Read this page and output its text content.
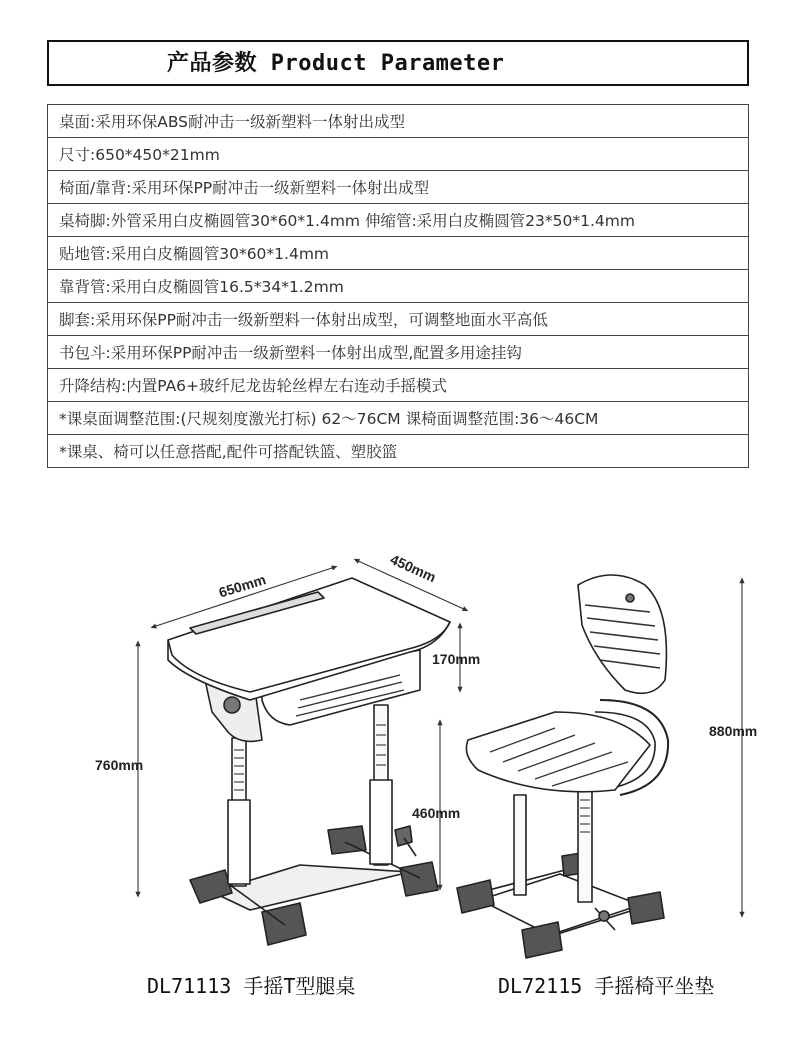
产品参数 Product Parameter
桌面:采用环保ABS耐冲击一级新塑料一体射出成型
尺寸:650*450*21mm
椅面/靠背:采用环保PP耐冲击一级新塑料一体射出成型
桌椅脚:外管采用白皮椭圆管30*60*1.4mm 伸缩管:采用白皮椭圆管23*50*1.4mm
贴地管:采用白皮椭圆管30*60*1.4mm
靠背管:采用白皮椭圆管16.5*34*1.2mm
脚套:采用环保PP耐冲击一级新塑料一体射出成型，可调整地面水平高低
书包斗:采用环保PP耐冲击一级新塑料一体射出成型,配置多用途挂钩
升降结构:内置PA6+玻纤尼龙齿轮丝桿左右连动手摇模式
*课桌面调整范围:(尺规刻度激光打标) 62～76CM 课椅面调整范围:36～46CM
*课桌、椅可以任意搭配,配件可搭配铁篮、塑胶篮
650mm
450mm
170mm
760mm
460mm
880mm
DL71113 手摇T型腿桌	DL72115 手摇椅平坐垫
